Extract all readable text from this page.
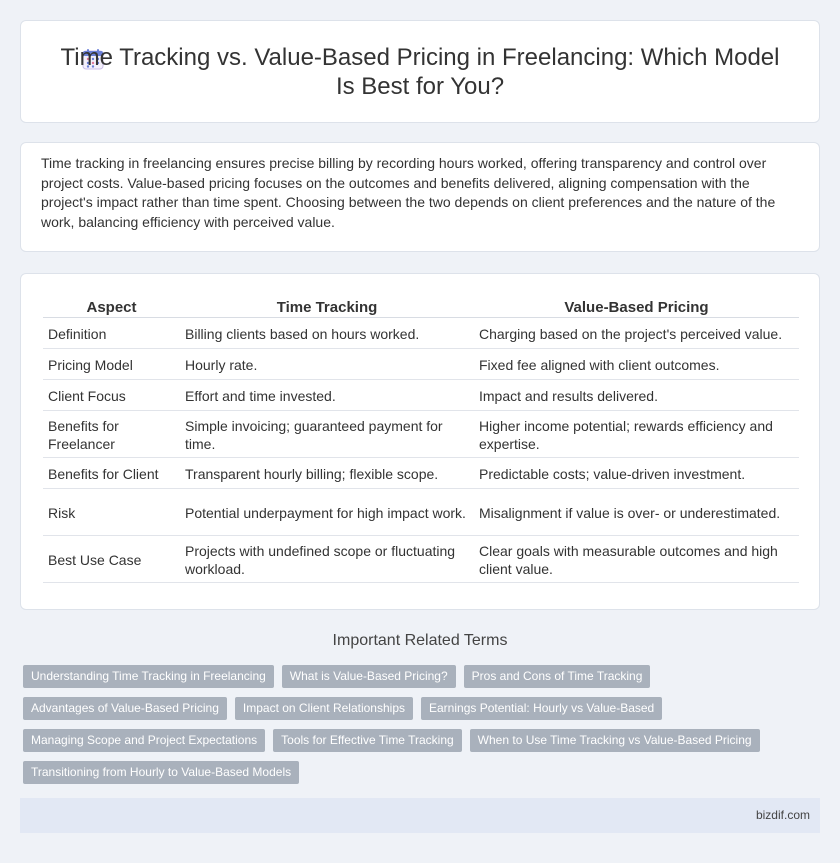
Time Tracking vs. Value-Based Pricing in Freelancing: Which Model Is Best for You?

Time tracking in freelancing ensures precise billing by recording hours worked, offering transparency and control over project costs. Value-based pricing focuses on the outcomes and benefits delivered, aligning compensation with the project's impact rather than time spent. Choosing between the two depends on client preferences and the nature of the work, balancing efficiency with perceived value.

Aspect	Time Tracking	Value-Based Pricing
Definition	Billing clients based on hours worked.	Charging based on the project's perceived value.
Pricing Model	Hourly rate.	Fixed fee aligned with client outcomes.
Client Focus	Effort and time invested.	Impact and results delivered.
Benefits for Freelancer	Simple invoicing; guaranteed payment for time.	Higher income potential; rewards efficiency and expertise.
Benefits for Client	Transparent hourly billing; flexible scope.	Predictable costs; value-driven investment.
Risk	Potential underpayment for high impact work.	Misalignment if value is over- or underestimated.
Best Use Case	Projects with undefined scope or fluctuating workload.	Clear goals with measurable outcomes and high client value.
Important Related Terms
Understanding Time Tracking in Freelancing	What is Value-Based Pricing?	Pros and Cons of Time Tracking
Advantages of Value-Based Pricing	Impact on Client Relationships	Earnings Potential: Hourly vs Value-Based
Managing Scope and Project Expectations	Tools for Effective Time Tracking	When to Use Time Tracking vs Value-Based Pricing
Transitioning from Hourly to Value-Based Models
bizdif.com
